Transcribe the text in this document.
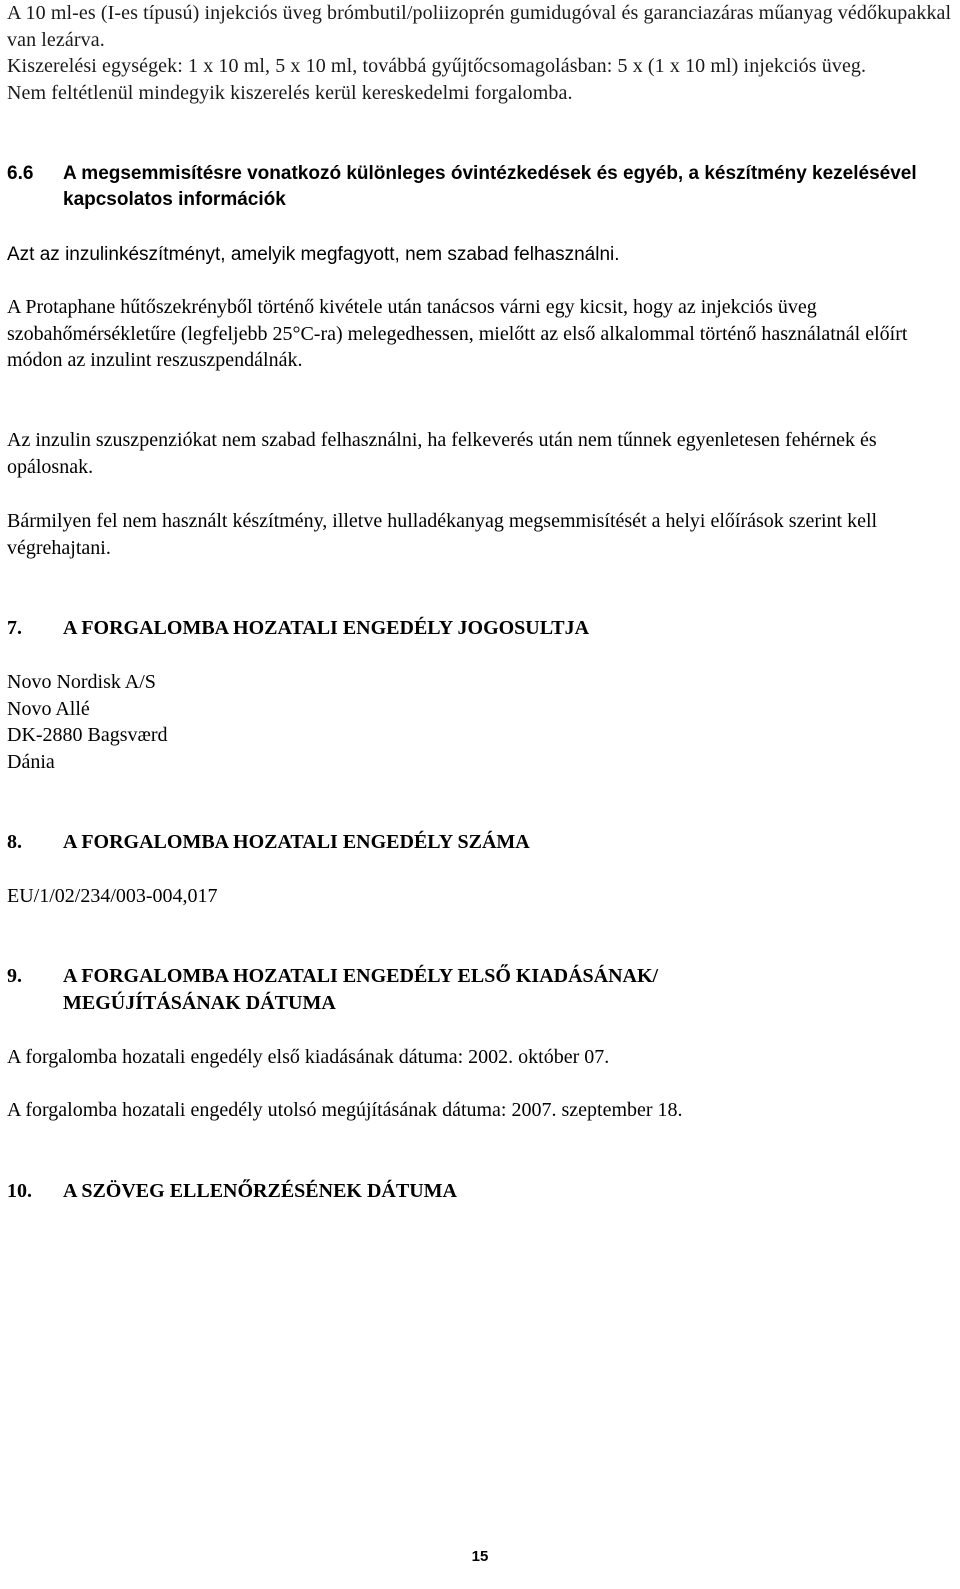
A 10 ml-es (I-es típusú) injekciós üveg brómbutil/poliizoprén gumidugóval és garanciazáras műanyag védőkupakkal van lezárva.

Kiszerelési egységek: 1 x 10 ml, 5 x 10 ml, továbbá gyűjtőcsomagolásban: 5 x (1 x 10 ml) injekciós üveg.

Nem feltétlenül mindegyik kiszerelés kerül kereskedelmi forgalomba.

6.6	A megsemmisítésre vonatkozó különleges óvintézkedések és egyéb, a készítmény kezelésével kapcsolatos információk

Azt az inzulinkészítményt, amelyik megfagyott, nem szabad felhasználni.

A Protaphane hűtőszekrényből történő kivétele után tanácsos várni egy kicsit, hogy az injekciós üveg szobahőmérsékletűre (legfeljebb 25°C-ra) melegedhessen, mielőtt az első alkalommal történő használatnál előírt módon az inzulint reszuszpendálnák.

Az inzulin szuszpenziókat nem szabad felhasználni, ha felkeverés után nem tűnnek egyenletesen fehérnek és opálosnak.

Bármilyen fel nem használt készítmény, illetve hulladékanyag megsemmisítését a helyi előírások szerint kell végrehajtani.

7.	A FORGALOMBA HOZATALI ENGEDÉLY JOGOSULTJA

Novo Nordisk A/S

Novo Allé

DK-2880 Bagsværd

Dánia

8.	A FORGALOMBA HOZATALI ENGEDÉLY SZÁMA

EU/1/02/234/003-004,017

9.	A FORGALOMBA HOZATALI ENGEDÉLY ELSŐ KIADÁSÁNAK/
MEGÚJÍTÁSÁNAK DÁTUMA

A forgalomba hozatali engedély első kiadásának dátuma: 2002. október 07.

A forgalomba hozatali engedély utolsó megújításának dátuma: 2007. szeptember 18.

10.	A SZÖVEG ELLENŐRZÉSÉNEK DÁTUMA
15
